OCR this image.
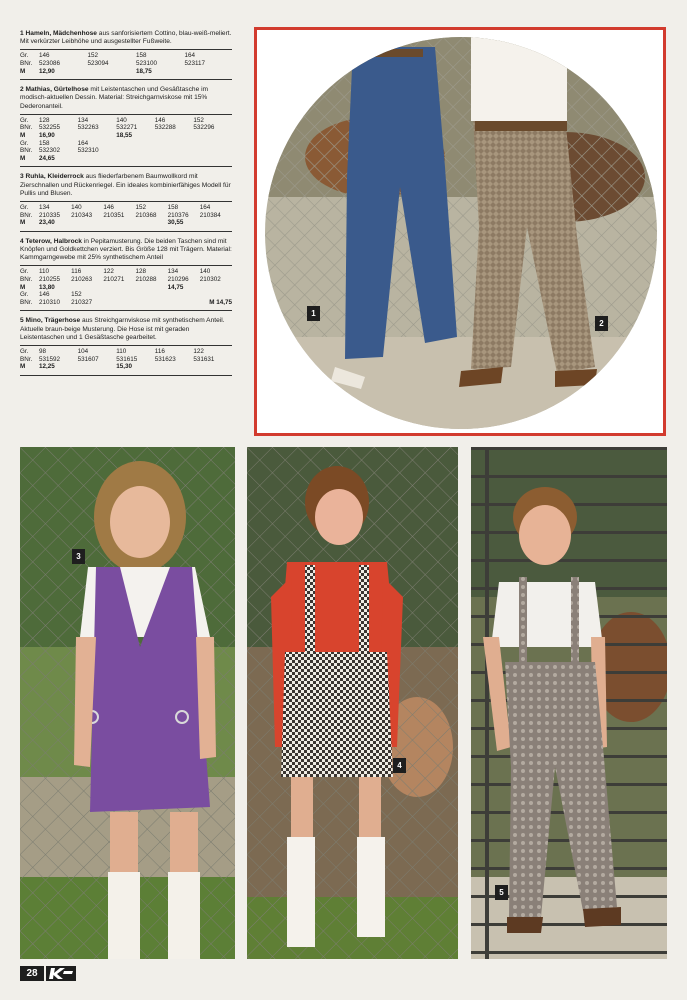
1 Hameln, Mädchenhose aus sanforisiertem Cottino, blau-weiß-meliert. Mit verkürzter Leibhöhe und ausgestellter Fußweite.
Gr.	146	152	158	164
BNr.	523086	523094	523100	523117
M	12,90		18,75	
2 Mathias, Gürtelhose mit Leistentaschen und Gesäßtasche im modisch-aktuellen Dessin. Material: Streichgarnviskose mit 15% Dederonanteil.
Gr.	128	134	140	146	152
BNr.	532255	532263	532271	532288	532296
M	16,90		18,55		
Gr.	158	164			
BNr.	532302	532310			
M	24,65				
3 Ruhla, Kleiderrock aus fliederfarbenem Baumwollkord mit Zierschnallen und Rückenriegel. Ein ideales kombinierfähiges Modell für Pullis und Blusen.
Gr.	134	140	146	152	158	164
BNr.	210335	210343	210351	210368	210376	210384
M	23,40				30,55	
4 Teterow, Halbrock in Pepitamusterung. Die beiden Taschen sind mit Knöpfen und Goldkettchen verziert. Bis Größe 128 mit Trägern. Material: Kammgarngewebe mit 25% synthetischem Anteil
Gr.	110	116	122	128	134	140
BNr.	210255	210263	210271	210288	210296	210302
M	13,80				14,75	
Gr.	146	152				
BNr.	210310	210327	M 14,75			
5 Mino, Trägerhose aus Streichgarnviskose mit synthetischem Anteil. Aktuelle braun-beige Musterung. Die Hose ist mit geraden Leistentaschen und 1 Gesäßtasche gearbeitet.
Gr.	98	104	110	116	122
BNr.	531592	531607	531615	531623	531631
M	12,25		15,30		
1
2
3
4
5
28
